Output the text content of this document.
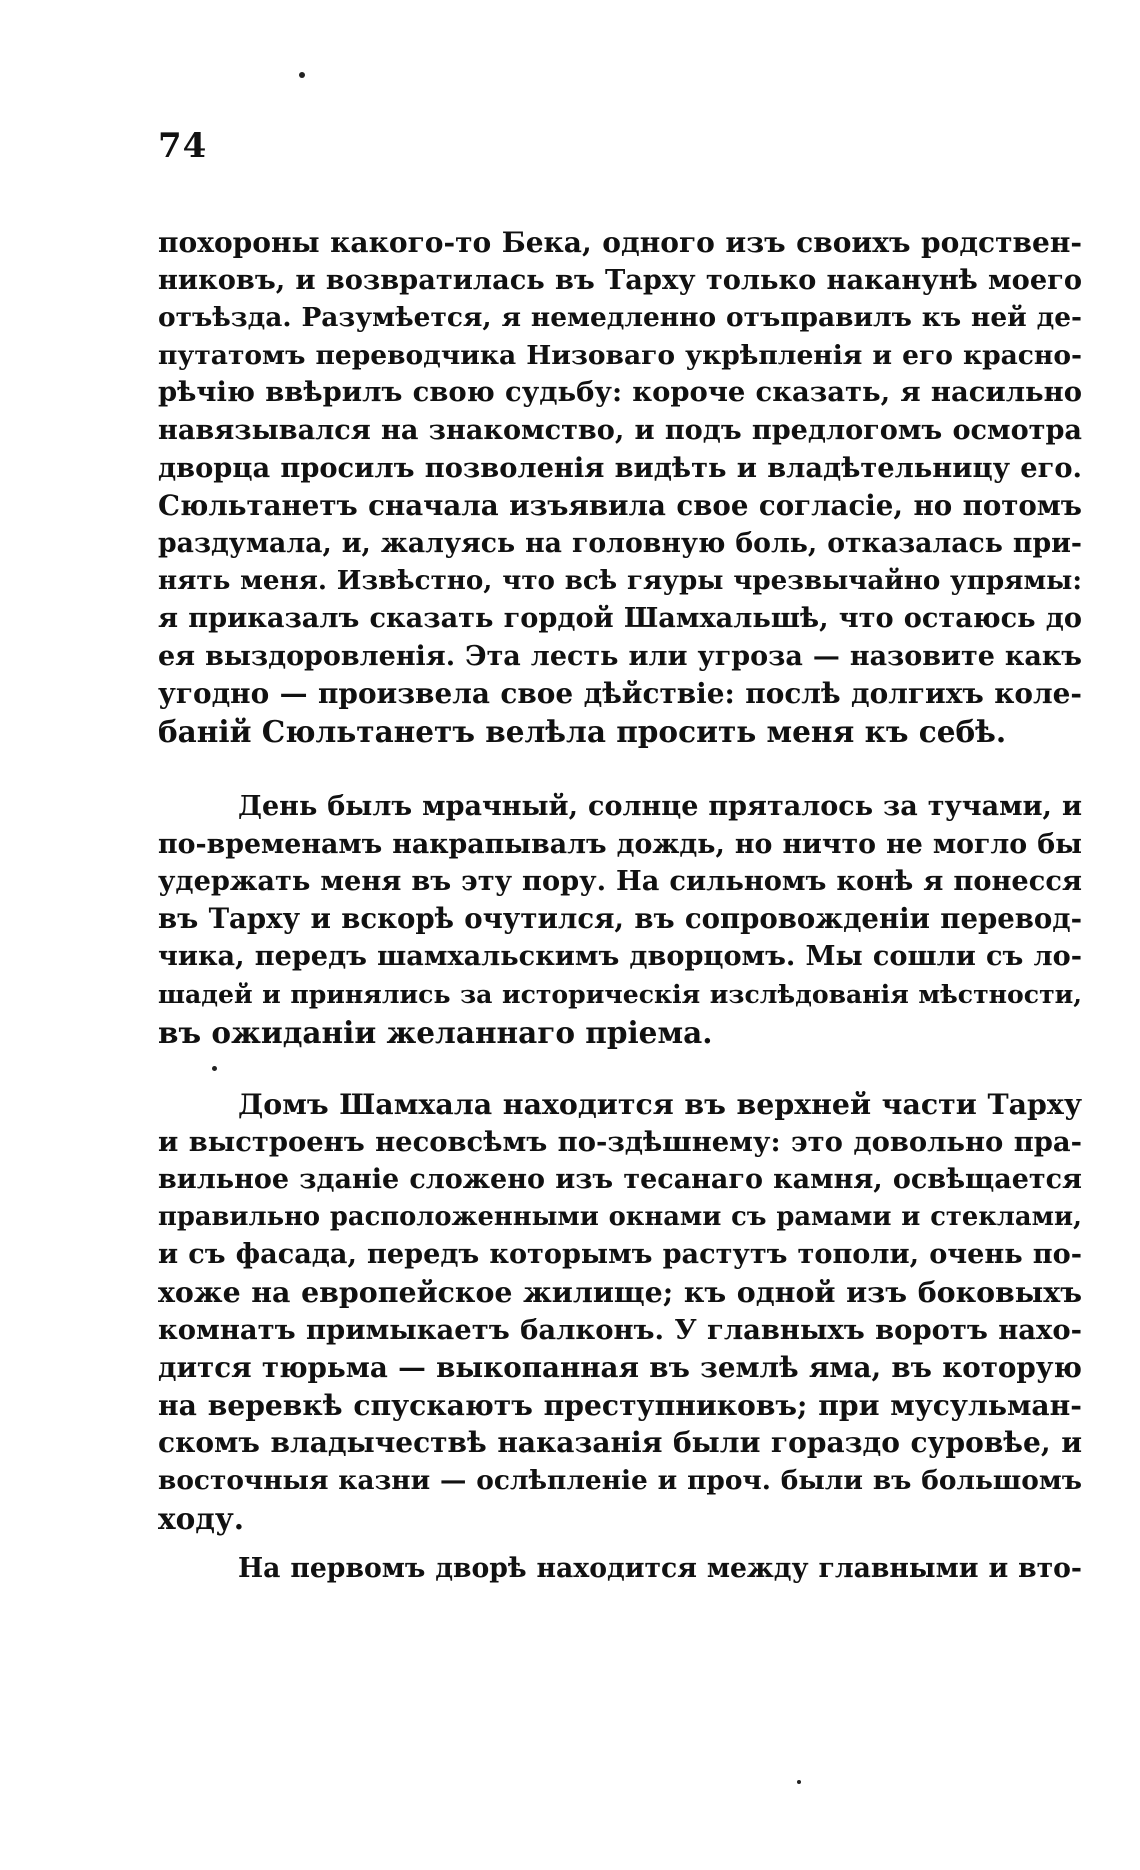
74
похороны какого-то Бека, одного изъ своихъ родствен-
никовъ, и возвратилась въ Тарху только наканунѣ моего
отъѣзда. Разумѣется, я немедленно отъправилъ къ ней де-
путатомъ переводчика Низоваго укрѣпленія и его красно-
рѣчію ввѣрилъ свою судьбу: короче сказать, я насильно
навязывался на знакомство, и подъ предлогомъ осмотра
дворца просилъ позволенія видѣть и владѣтельницу его.
Сюльтанетъ сначала изъявила свое согласіе, но потомъ
раздумала, и, жалуясь на головную боль, отказалась при-
нять меня. Извѣстно, что всѣ гяуры чрезвычайно упрямы:
я приказалъ сказать гордой Шамхальшѣ, что остаюсь до
ея выздоровленія. Эта лесть или угроза — назовите какъ
угодно — произвела свое дѣйствіе: послѣ долгихъ коле-
баній Сюльтанетъ велѣла просить меня къ себѣ.
День былъ мрачный, солнце пряталось за тучами, и
по-временамъ накрапывалъ дождь, но ничто не могло бы
удержать меня въ эту пору. На сильномъ конѣ я понесся
въ Тарху и вскорѣ очутился, въ сопровожденіи перевод-
чика, передъ шамхальскимъ дворцомъ. Мы сошли съ ло-
шадей и принялись за историческія изслѣдованія мѣстности,
въ ожиданіи желаннаго пріема.
Домъ Шамхала находится въ верхней части Тарху
и выстроенъ несовсѣмъ по-здѣшнему: это довольно пра-
вильное зданіе сложено изъ тесанаго камня, освѣщается
правильно расположенными окнами съ рамами и стеклами,
и съ фасада, передъ которымъ растутъ тополи, очень по-
хоже на европейское жилище; къ одной изъ боковыхъ
комнатъ примыкаетъ балконъ. У главныхъ воротъ нахо-
дится тюрьма — выкопанная въ землѣ яма, въ которую
на веревкѣ спускаютъ преступниковъ; при мусульман-
скомъ владычествѣ наказанія были гораздо суровѣе, и
восточныя казни — ослѣпленіе и проч. были въ большомъ
ходу.
На первомъ дворѣ находится между главными и вто-
